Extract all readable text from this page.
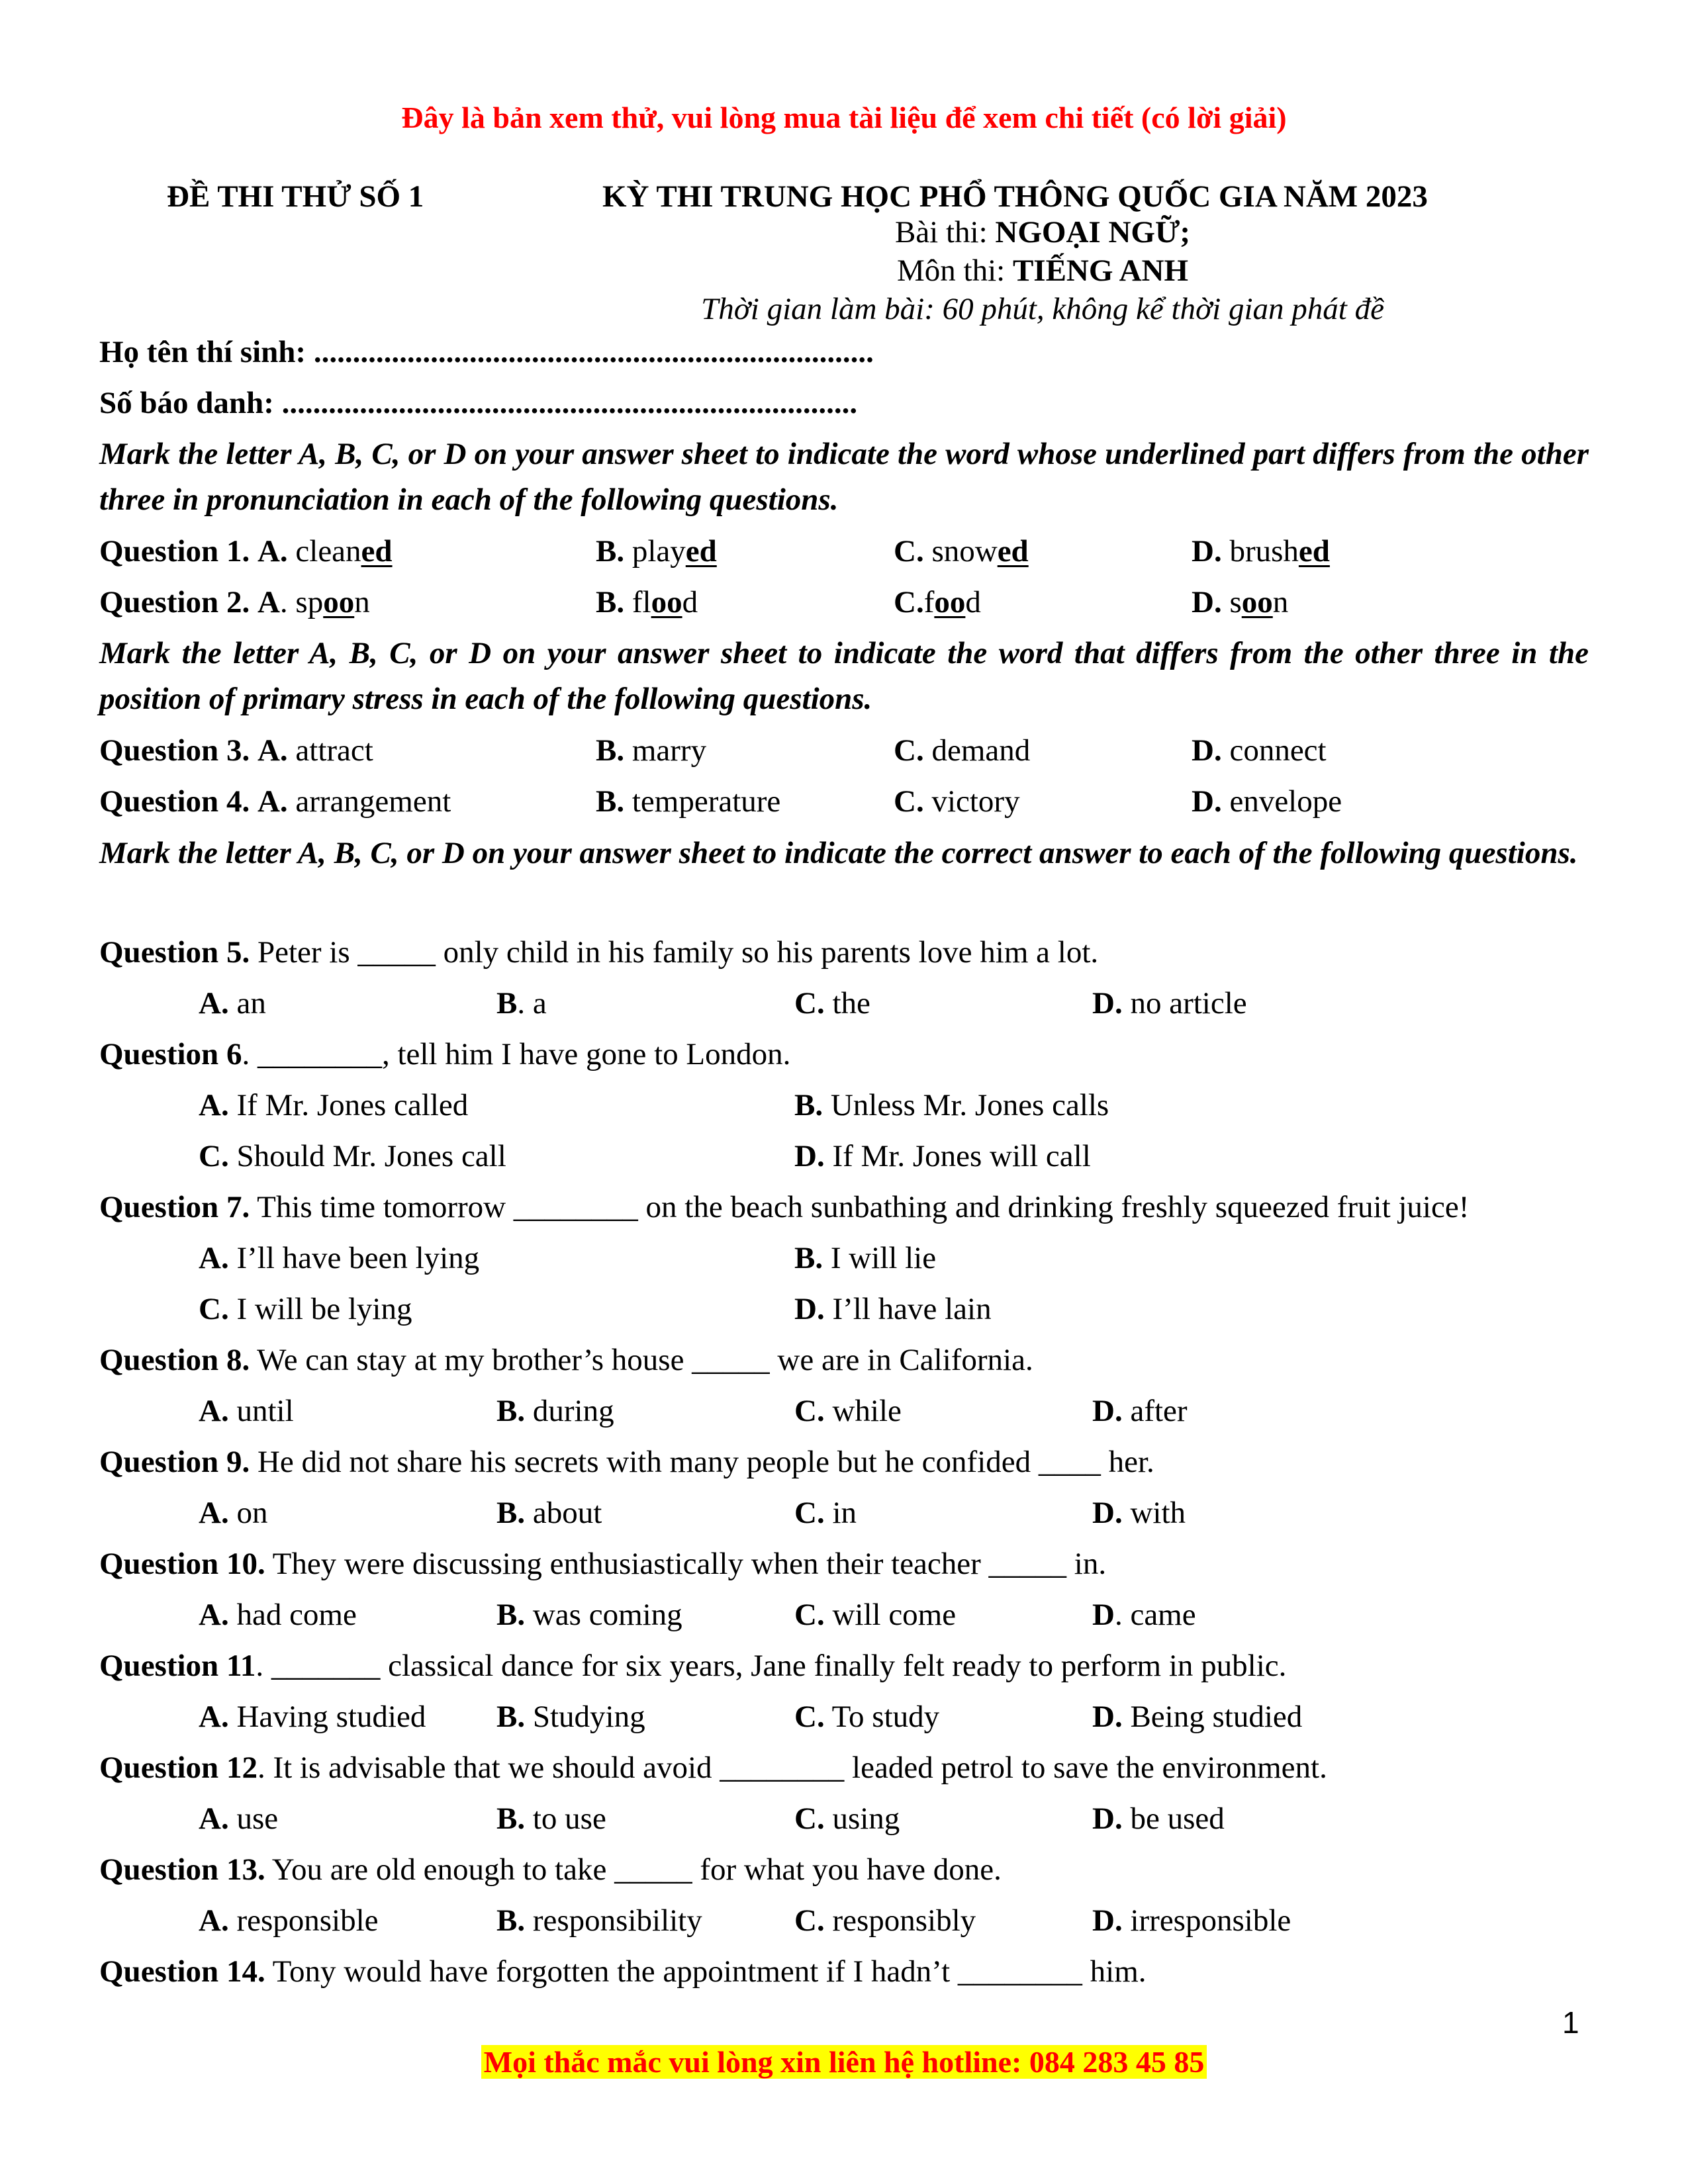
Đây là bản xem thử, vui lòng mua tài liệu để xem chi tiết (có lời giải)
ĐỀ THI THỬ SỐ 1	KỲ THI TRUNG HỌC PHỔ THÔNG QUỐC GIA NĂM 2023
Bài thi: NGOẠI NGỮ;
Môn thi: TIẾNG ANH
Thời gian làm bài: 60 phút, không kể thời gian phát đề
Họ tên thí sinh: ........................................................................
Số báo danh: ..........................................................................
Mark the letter A, B, C, or D on your answer sheet to indicate the word whose underlined part differs from the other three in pronunciation in each of the following questions.
Question 1. A. cleaned	B. played	C. snowed	D. brushed
Question 2. A. spoon	B. flood	C.food	D. soon
Mark the letter A, B, C, or D on your answer sheet to indicate the word that differs from the other three in the position of primary stress in each of the following questions.
Question 3. A. attract	B. marry	C. demand	D. connect
Question 4. A. arrangement	B. temperature	C. victory	D. envelope
Mark the letter A, B, C, or D on your answer sheet to indicate the correct answer to each of the following questions.
Question 5. Peter is _____ only child in his family so his parents love him a lot.
A. an	B. a	C. the	D. no article
Question 6. ________, tell him I have gone to London.
A. If Mr. Jones called	B. Unless Mr. Jones calls
C. Should Mr. Jones call	D. If Mr. Jones will call
Question 7. This time tomorrow ________ on the beach sunbathing and drinking freshly squeezed fruit juice!
A. I’ll have been lying	B. I will lie
C. I will be lying	D. I’ll have lain
Question 8. We can stay at my brother’s house _____ we are in California.
A. until	B. during	C. while	D. after
Question 9. He did not share his secrets with many people but he confided ____ her.
A. on	B. about	C. in	D. with
Question 10. They were discussing enthusiastically when their teacher _____ in.
A. had come	B. was coming	C. will come	D. came
Question 11. _______ classical dance for six years, Jane finally felt ready to perform in public.
A. Having studied B. Studying	C. To study	D. Being studied
Question 12. It is advisable that we should avoid ________ leaded petrol to save the environment.
A. use	B. to use	C. using	D. be used
Question 13. You are old enough to take _____ for what you have done.
A. responsible	B. responsibility	C. responsibly	D. irresponsible
Question 14. Tony would have forgotten the appointment if I hadn’t ________ him.
1
Mọi thắc mắc vui lòng xin liên hệ hotline: 084 283 45 85
